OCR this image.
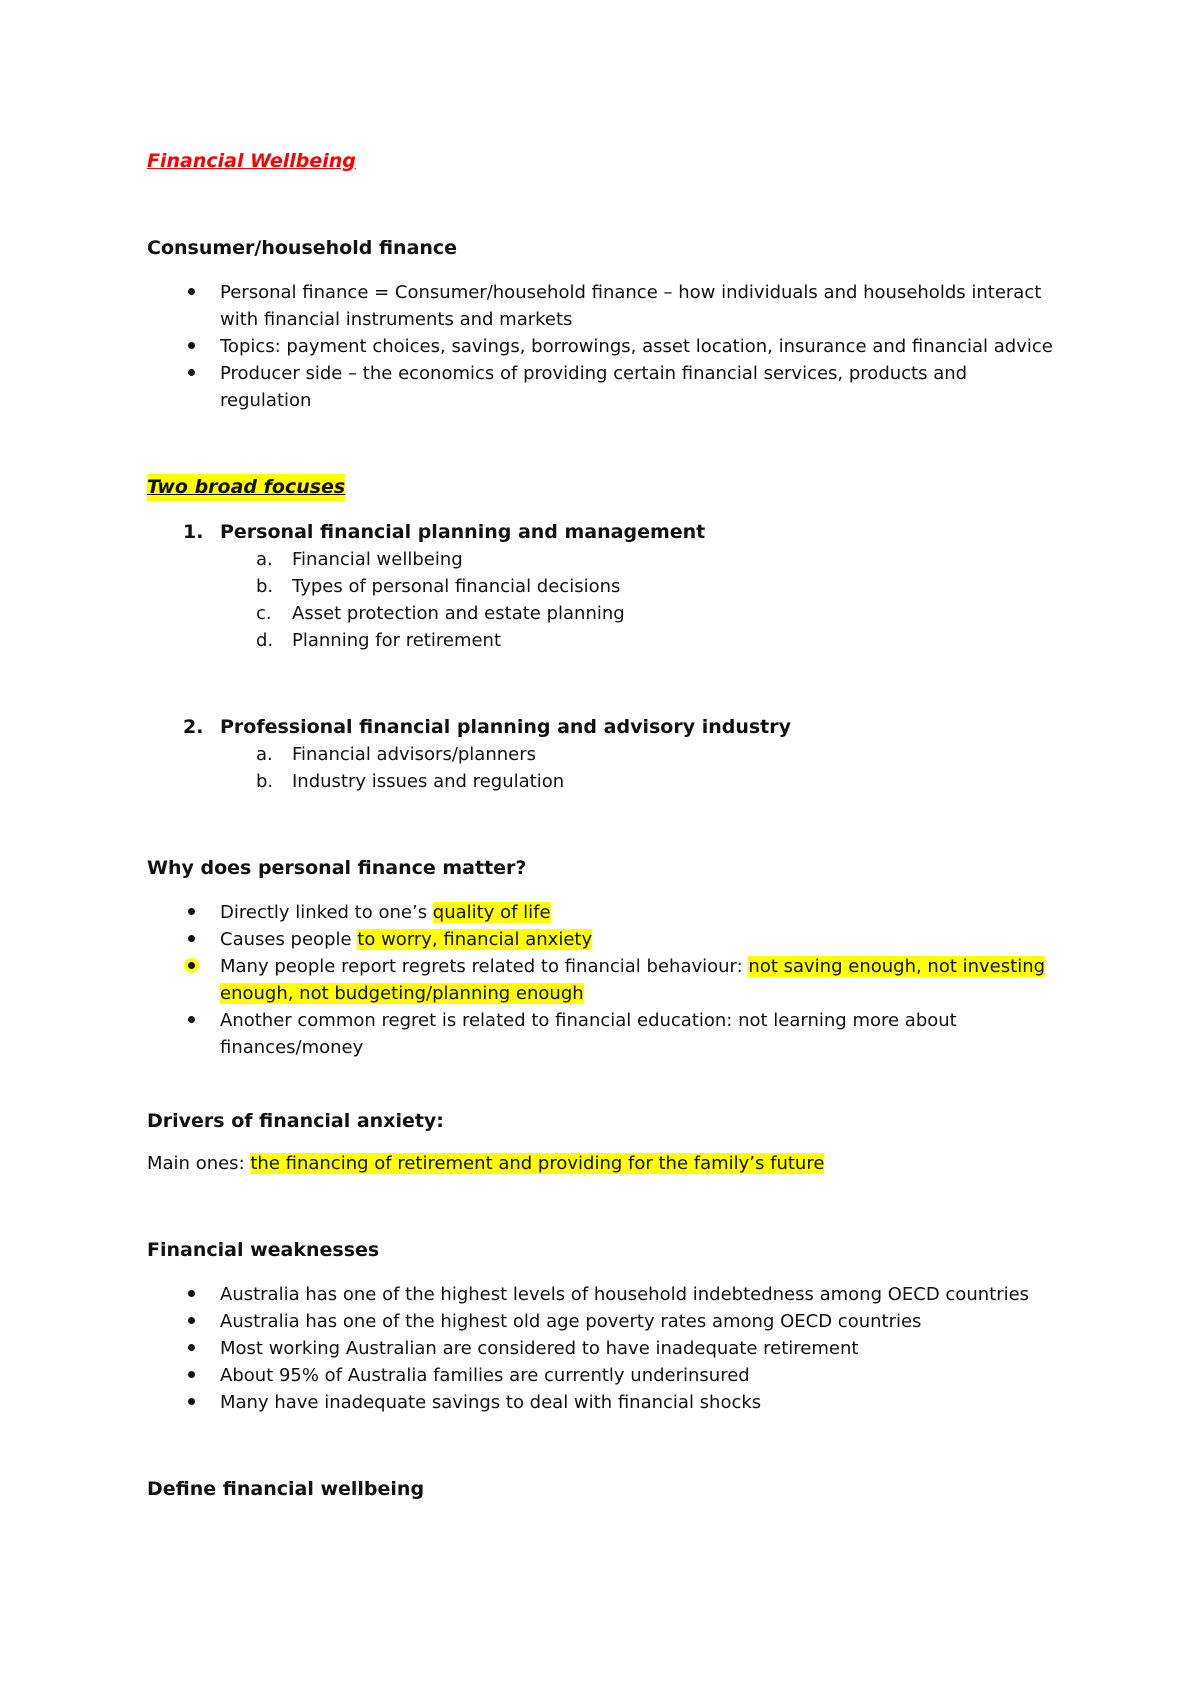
Financial Wellbeing
Consumer/household finance
Personal finance = Consumer/household finance – how individuals and households interact
with financial instruments and markets
Topics: payment choices, savings, borrowings, asset location, insurance and financial advice
Producer side – the economics of providing certain financial services, products and
regulation
Two broad focuses
1. Personal financial planning and management
a. Financial wellbeing
b. Types of personal financial decisions
c. Asset protection and estate planning
d. Planning for retirement
2. Professional financial planning and advisory industry
a. Financial advisors/planners
b. Industry issues and regulation
Why does personal finance matter?
Directly linked to one’s quality of life
Causes people to worry, financial anxiety
Many people report regrets related to financial behaviour: not saving enough, not investing
enough, not budgeting/planning enough
Another common regret is related to financial education: not learning more about
finances/money
Drivers of financial anxiety:
Main ones: the financing of retirement and providing for the family’s future
Financial weaknesses
Australia has one of the highest levels of household indebtedness among OECD countries
Australia has one of the highest old age poverty rates among OECD countries
Most working Australian are considered to have inadequate retirement
About 95% of Australia families are currently underinsured
Many have inadequate savings to deal with financial shocks
Define financial wellbeing
